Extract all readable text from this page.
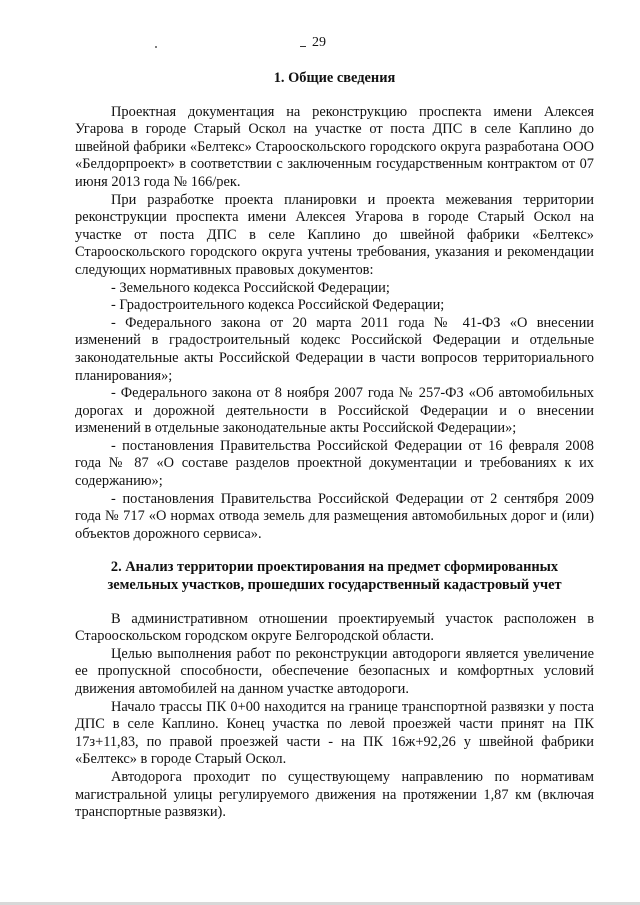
29
1. Общие сведения

Проектная документация на реконструкцию проспекта имени Алексея Угарова в городе Старый Оскол на участке от поста ДПС в селе Каплино до швейной фабрики «Белтекс» Старооскольского городского округа разработана ООО «Белдорпроект» в соответствии с заключенным государственным контрактом от 07 июня 2013 года № 166/рек.

При разработке проекта планировки и проекта межевания территории реконструкции проспекта имени Алексея Угарова в городе Старый Оскол на участке от поста ДПС в селе Каплино до швейной фабрики «Белтекс» Старооскольского городского округа учтены требования, указания и рекомендации следующих нормативных правовых документов:

- Земельного кодекса Российской Федерации;

- Градостроительного кодекса Российской Федерации;

- Федерального закона от 20 марта 2011 года № 41-ФЗ «О внесении изменений в градостроительный кодекс Российской Федерации и отдельные законодательные акты Российской Федерации в части вопросов территориального планирования»;

- Федерального закона от 8 ноября 2007 года № 257-ФЗ «Об автомобильных дорогах и дорожной деятельности в Российской Федерации и о внесении изменений в отдельные законодательные акты Российской Федерации»;

- постановления Правительства Российской Федерации от 16 февраля 2008 года № 87 «О составе разделов проектной документации и требованиях к их содержанию»;

- постановления Правительства Российской Федерации от 2 сентября 2009 года № 717 «О нормах отвода земель для размещения автомобильных дорог и (или) объектов дорожного сервиса».

2. Анализ территории проектирования на предмет сформированных
земельных участков, прошедших государственный кадастровый учет

В административном отношении проектируемый участок расположен в Старооскольском городском округе Белгородской области.

Целью выполнения работ по реконструкции автодороги является увеличение ее пропускной способности, обеспечение безопасных и комфортных условий движения автомобилей на данном участке автодороги.

Начало трассы ПК 0+00 находится на границе транспортной развязки у поста ДПС в селе Каплино. Конец участка по левой проезжей части принят на ПК 17з+11,83, по правой проезжей части - на ПК 16ж+92,26 у швейной фабрики «Белтекс» в городе Старый Оскол.

Автодорога проходит по существующему направлению по нормативам магистральной улицы регулируемого движения на протяжении 1,87 км (включая транспортные развязки).
